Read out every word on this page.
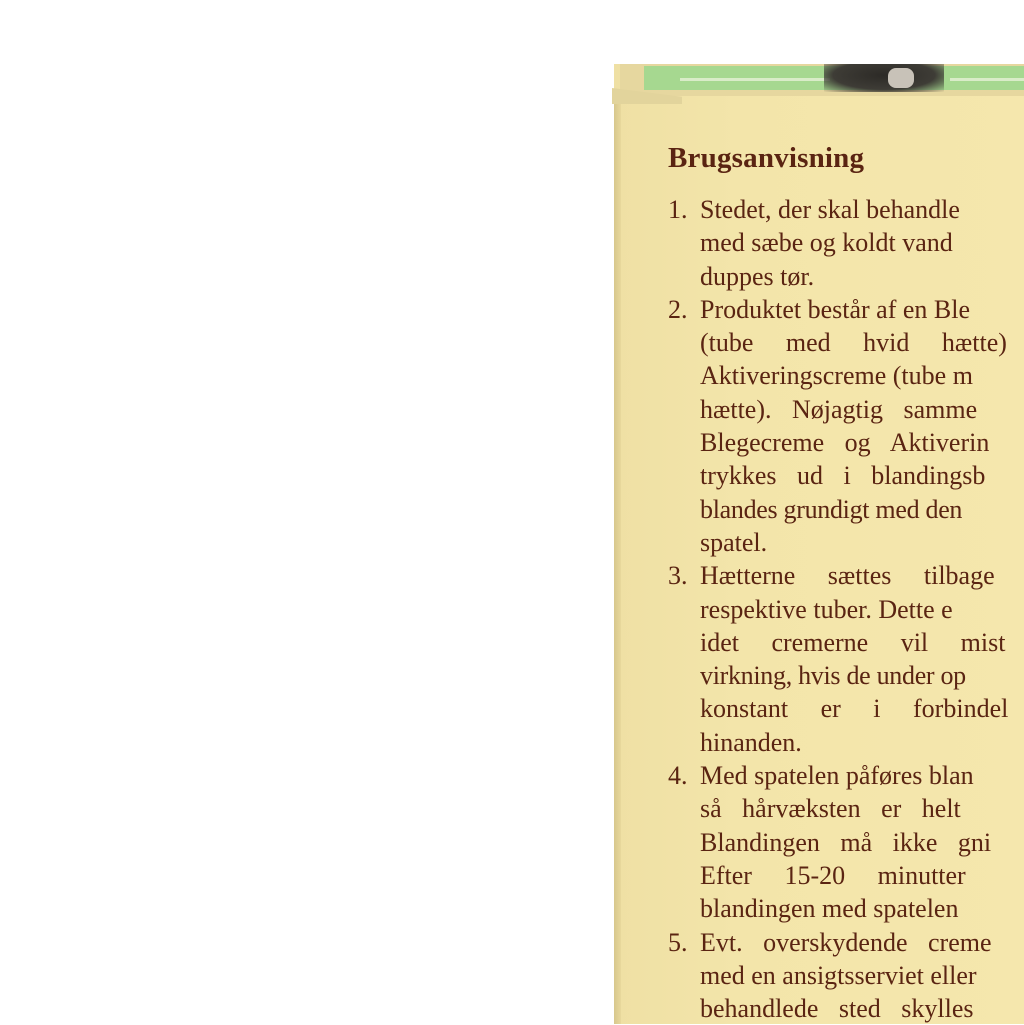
Brugsanvisning
1. Stedet, der skal behandle
med sæbe og koldt vand
duppes tør.
2. Produktet består af en Ble
(tube med hvid hætte)
Aktiveringscreme (tube m
hætte). Nøjagtig samme
Blegecreme og Aktiverin
trykkes ud i blandingsb
blandes grundigt med den
spatel.
3. Hætterne sættes tilbage
respektive tuber. Dette e
idet cremerne vil mist
virkning, hvis de under op
konstant er i forbindel
hinanden.
4. Med spatelen påføres blan
så hårvæksten er helt
Blandingen må ikke gni
Efter 15-20 minutter
blandingen med spatelen
5. Evt. overskydende creme
med en ansigtsserviet eller
behandlede sted skylles
